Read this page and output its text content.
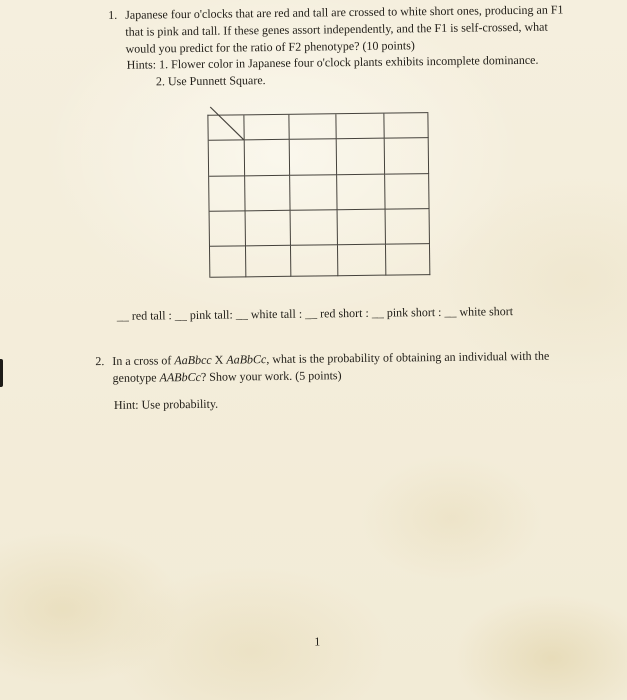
1. Japanese four o'clocks that are red and tall are crossed to white short ones, producing an F1 that is pink and tall. If these genes assort independently, and the F1 is self-crossed, what would you predict for the ratio of F2 phenotype? (10 points)
Hints: 1. Flower color in Japanese four o'clock plants exhibits incomplete dominance.
2. Use Punnett Square.
__ red tall : __ pink tall: __ white tall : __ red short : __ pink short : __ white short
2. In a cross of AaBbcc X AaBbCc, what is the probability of obtaining an individual with the genotype AABbCc? Show your work. (5 points)
Hint: Use probability.
1
